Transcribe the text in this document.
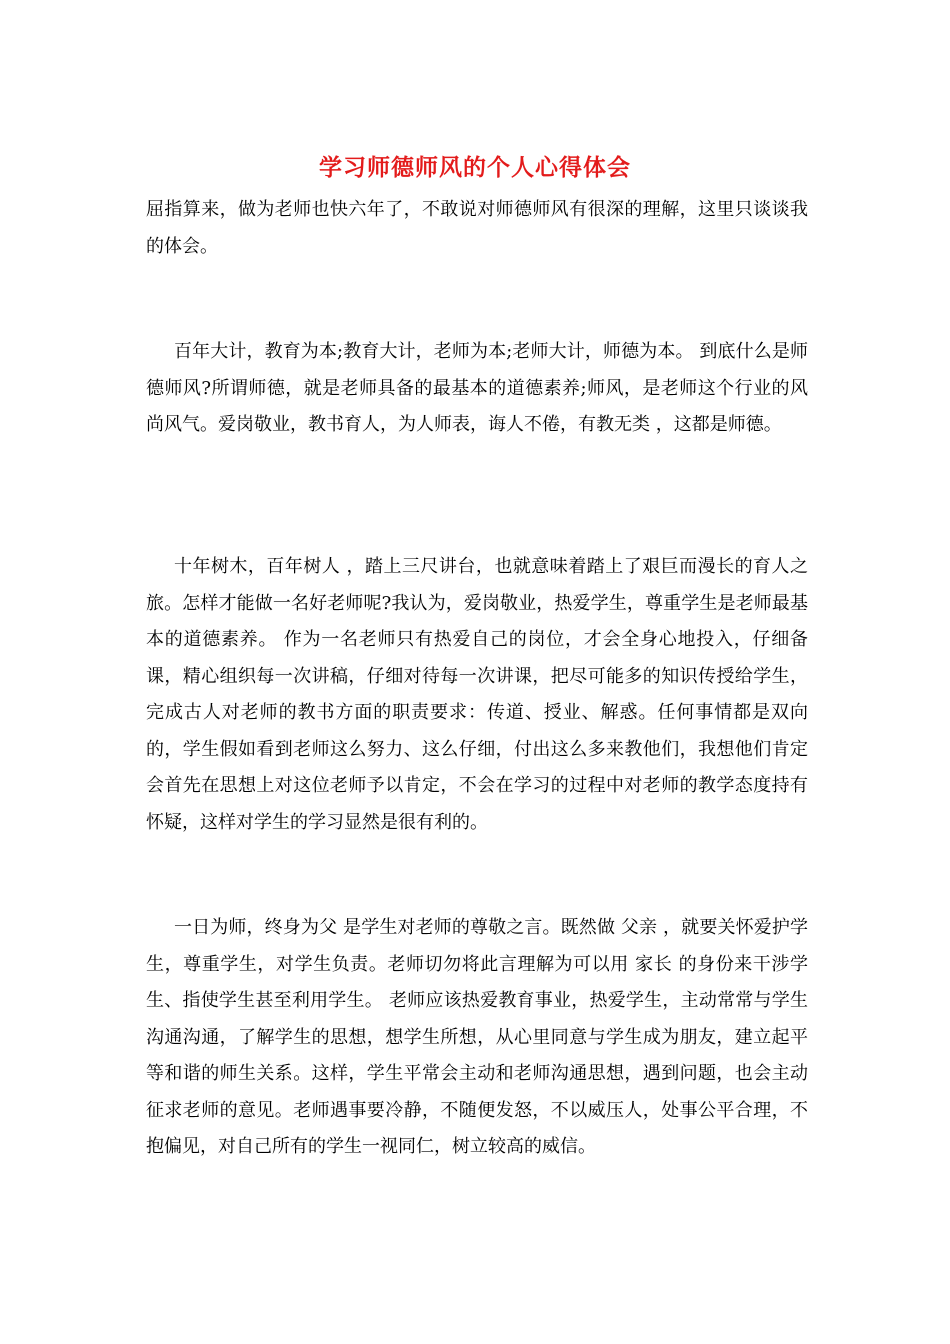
学习师德师风的个人心得体会

屈指算来，做为老师也快六年了，不敢说对师德师风有很深的理解，这里只谈谈我的体会。

百年大计，教育为本;教育大计，老师为本;老师大计，师德为本。 到底什么是师德师风?所谓师德，就是老师具备的最基本的道德素养;师风，是老师这个行业的风尚风气。爱岗敬业，教书育人，为人师表，诲人不倦，有教无类 ，这都是师德。

十年树木，百年树人 ，踏上三尺讲台，也就意味着踏上了艰巨而漫长的育人之旅。怎样才能做一名好老师呢?我认为，爱岗敬业，热爱学生，尊重学生是老师最基本的道德素养。 作为一名老师只有热爱自己的岗位，才会全身心地投入，仔细备课，精心组织每一次讲稿，仔细对待每一次讲课，把尽可能多的知识传授给学生，完成古人对老师的教书方面的职责要求：传道、授业、解惑。任何事情都是双向的，学生假如看到老师这么努力、这么仔细，付出这么多来教他们，我想他们肯定会首先在思想上对这位老师予以肯定，不会在学习的过程中对老师的教学态度持有怀疑，这样对学生的学习显然是很有利的。

一日为师，终身为父 是学生对老师的尊敬之言。既然做 父亲 ，就要关怀爱护学生，尊重学生，对学生负责。老师切勿将此言理解为可以用 家长 的身份来干涉学生、指使学生甚至利用学生。 老师应该热爱教育事业，热爱学生，主动常常与学生沟通沟通，了解学生的思想，想学生所想，从心里同意与学生成为朋友，建立起平等和谐的师生关系。这样，学生平常会主动和老师沟通思想，遇到问题，也会主动征求老师的意见。老师遇事要冷静，不随便发怒，不以威压人，处事公平合理，不抱偏见，对自己所有的学生一视同仁，树立较高的威信。
